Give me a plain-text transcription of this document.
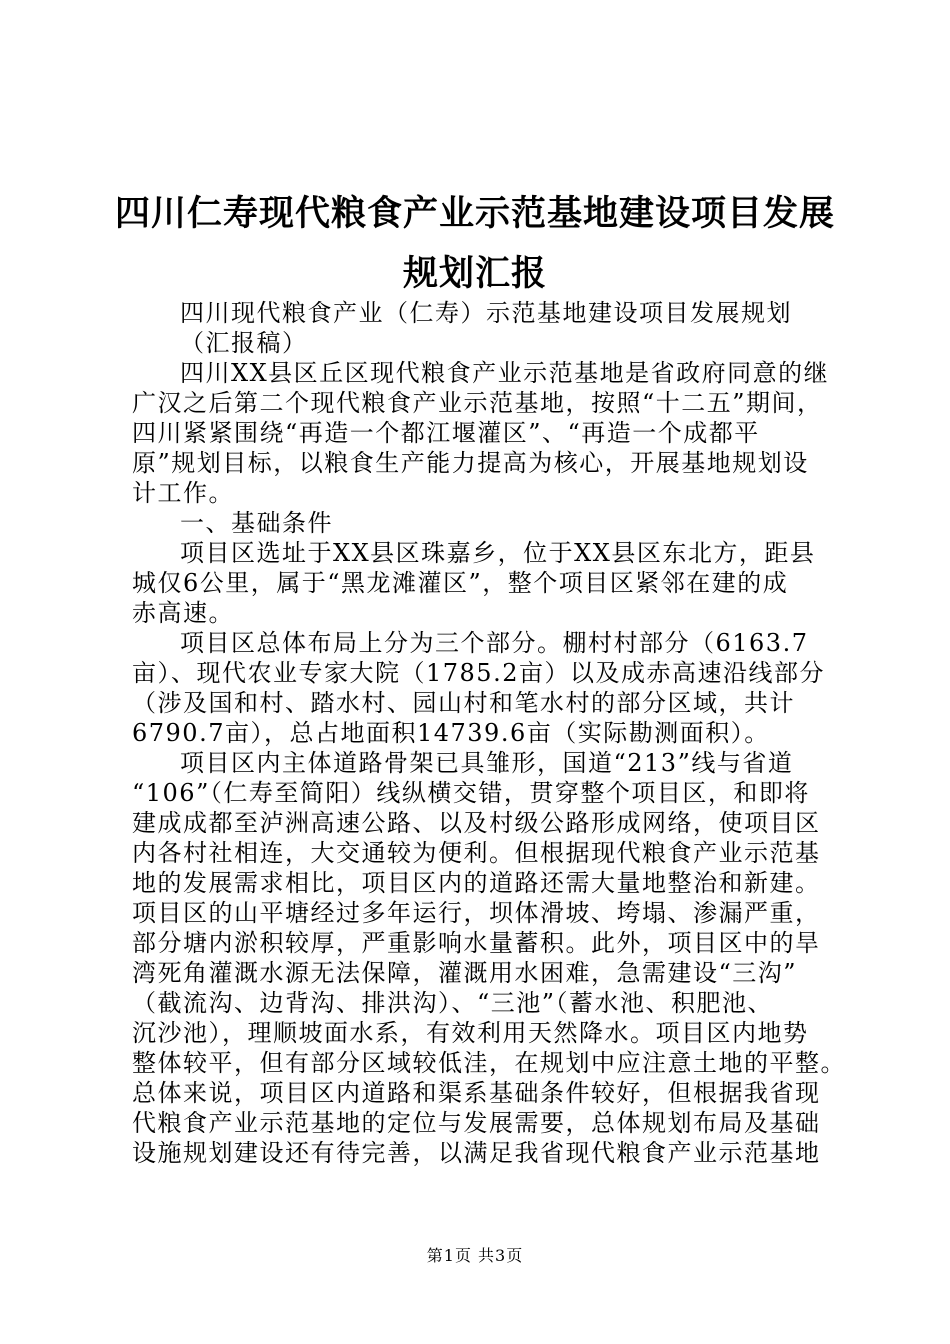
四川仁寿现代粮食产业示范基地建设项目发展
规划汇报
四川现代粮食产业（仁寿）示范基地建设项目发展规划
（汇报稿）
四川XX县区丘区现代粮食产业示范基地是省政府同意的继
广汉之后第二个现代粮食产业示范基地，按照“十二五”期间，
四川紧紧围绕“再造一个都江堰灌区”、“再造一个成都平
原”规划目标，以粮食生产能力提高为核心，开展基地规划设
计工作。
一、基础条件
项目区选址于XX县区珠嘉乡，位于XX县区东北方，距县
城仅6公里，属于“黑龙滩灌区”，整个项目区紧邻在建的成
赤高速。
项目区总体布局上分为三个部分。棚村村部分（6163.7
亩）、现代农业专家大院（1785.2亩）以及成赤高速沿线部分
（涉及国和村、踏水村、园山村和笔水村的部分区域，共计
6790.7亩），总占地面积14739.6亩（实际勘测面积）。
项目区内主体道路骨架已具雏形，国道“213”线与省道
“106”（仁寿至简阳）线纵横交错，贯穿整个项目区，和即将
建成成都至泸洲高速公路、以及村级公路形成网络，使项目区
内各村社相连，大交通较为便利。但根据现代粮食产业示范基
地的发展需求相比，项目区内的道路还需大量地整治和新建。
项目区的山平塘经过多年运行，坝体滑坡、垮塌、渗漏严重，
部分塘内淤积较厚，严重影响水量蓄积。此外，项目区中的旱
湾死角灌溉水源无法保障，灌溉用水困难，急需建设“三沟”
（截流沟、边背沟、排洪沟）、“三池”（蓄水池、积肥池、
沉沙池），理顺坡面水系，有效利用天然降水。项目区内地势
整体较平，但有部分区域较低洼，在规划中应注意土地的平整。
总体来说，项目区内道路和渠系基础条件较好，但根据我省现
代粮食产业示范基地的定位与发展需要，总体规划布局及基础
设施规划建设还有待完善，以满足我省现代粮食产业示范基地
第1页 共3页
